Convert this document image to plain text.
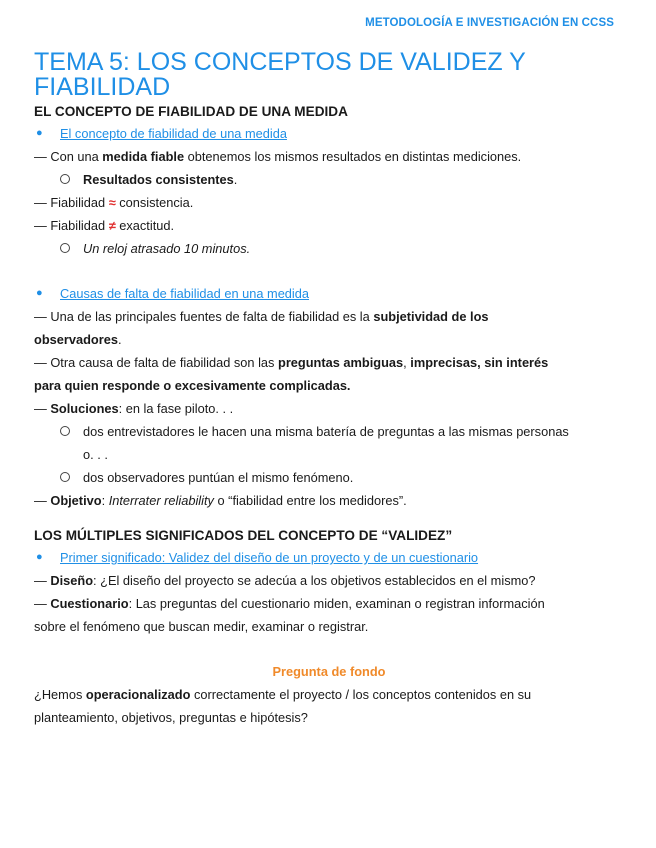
METODOLOGÍA E INVESTIGACIÓN EN CCSS
TEMA 5: LOS CONCEPTOS DE VALIDEZ Y FIABILIDAD
EL CONCEPTO DE FIABILIDAD DE UNA MEDIDA
●	El concepto de fiabilidad de una medida
— Con una medida fiable obtenemos los mismos resultados en distintas mediciones.
Resultados consistentes.
— Fiabilidad ≈ consistencia.
— Fiabilidad ≠ exactitud.
Un reloj atrasado 10 minutos.
●	Causas de falta de fiabilidad en una medida
— Una de las principales fuentes de falta de fiabilidad es la subjetividad de los
observadores.
— Otra causa de falta de fiabilidad son las preguntas ambiguas, imprecisas, sin interés
para quien responde o excesivamente complicadas.
— Soluciones: en la fase piloto. . .
dos entrevistadores le hacen una misma batería de preguntas a las mismas personas
o. . .
dos observadores puntúan el mismo fenómeno.
— Objetivo: Interrater reliability o “fiabilidad entre los medidores”.
LOS MÚLTIPLES SIGNIFICADOS DEL CONCEPTO DE “VALIDEZ”
●	Primer significado: Validez del diseño de un proyecto y de un cuestionario
— Diseño: ¿El diseño del proyecto se adecúa a los objetivos establecidos en el mismo?
— Cuestionario: Las preguntas del cuestionario miden, examinan o registran información
sobre el fenómeno que buscan medir, examinar o registrar.
Pregunta de fondo
¿Hemos operacionalizado correctamente el proyecto / los conceptos contenidos en su
planteamiento, objetivos, preguntas e hipótesis?
